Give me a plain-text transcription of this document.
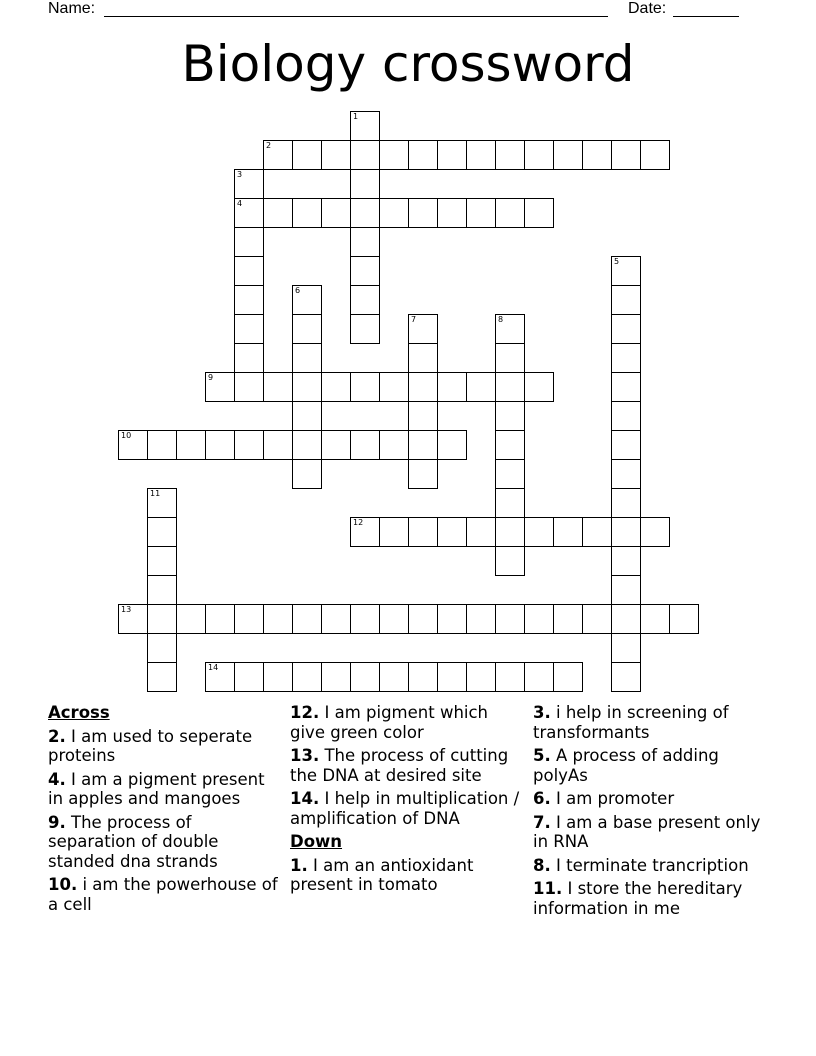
Name:	Date:
Biology crossword
1
2
3
4
5
6
7	8
9
10
11
12
13
14

Across

2. I am used to seperate proteins

4. I am a pigment present in apples and mangoes

9. The process of separation of double standed dna strands

10. i am the powerhouse of a cell

12. I am pigment which give green color

13. The process of cutting the DNA at desired site

14. I help in multiplication / amplification of DNA

Down

1. I am an antioxidant present in tomato

3. i help in screening of transformants

5. A process of adding polyAs

6. I am promoter

7. I am a base present only in RNA

8. I terminate trancription

11. I store the hereditary information in me
